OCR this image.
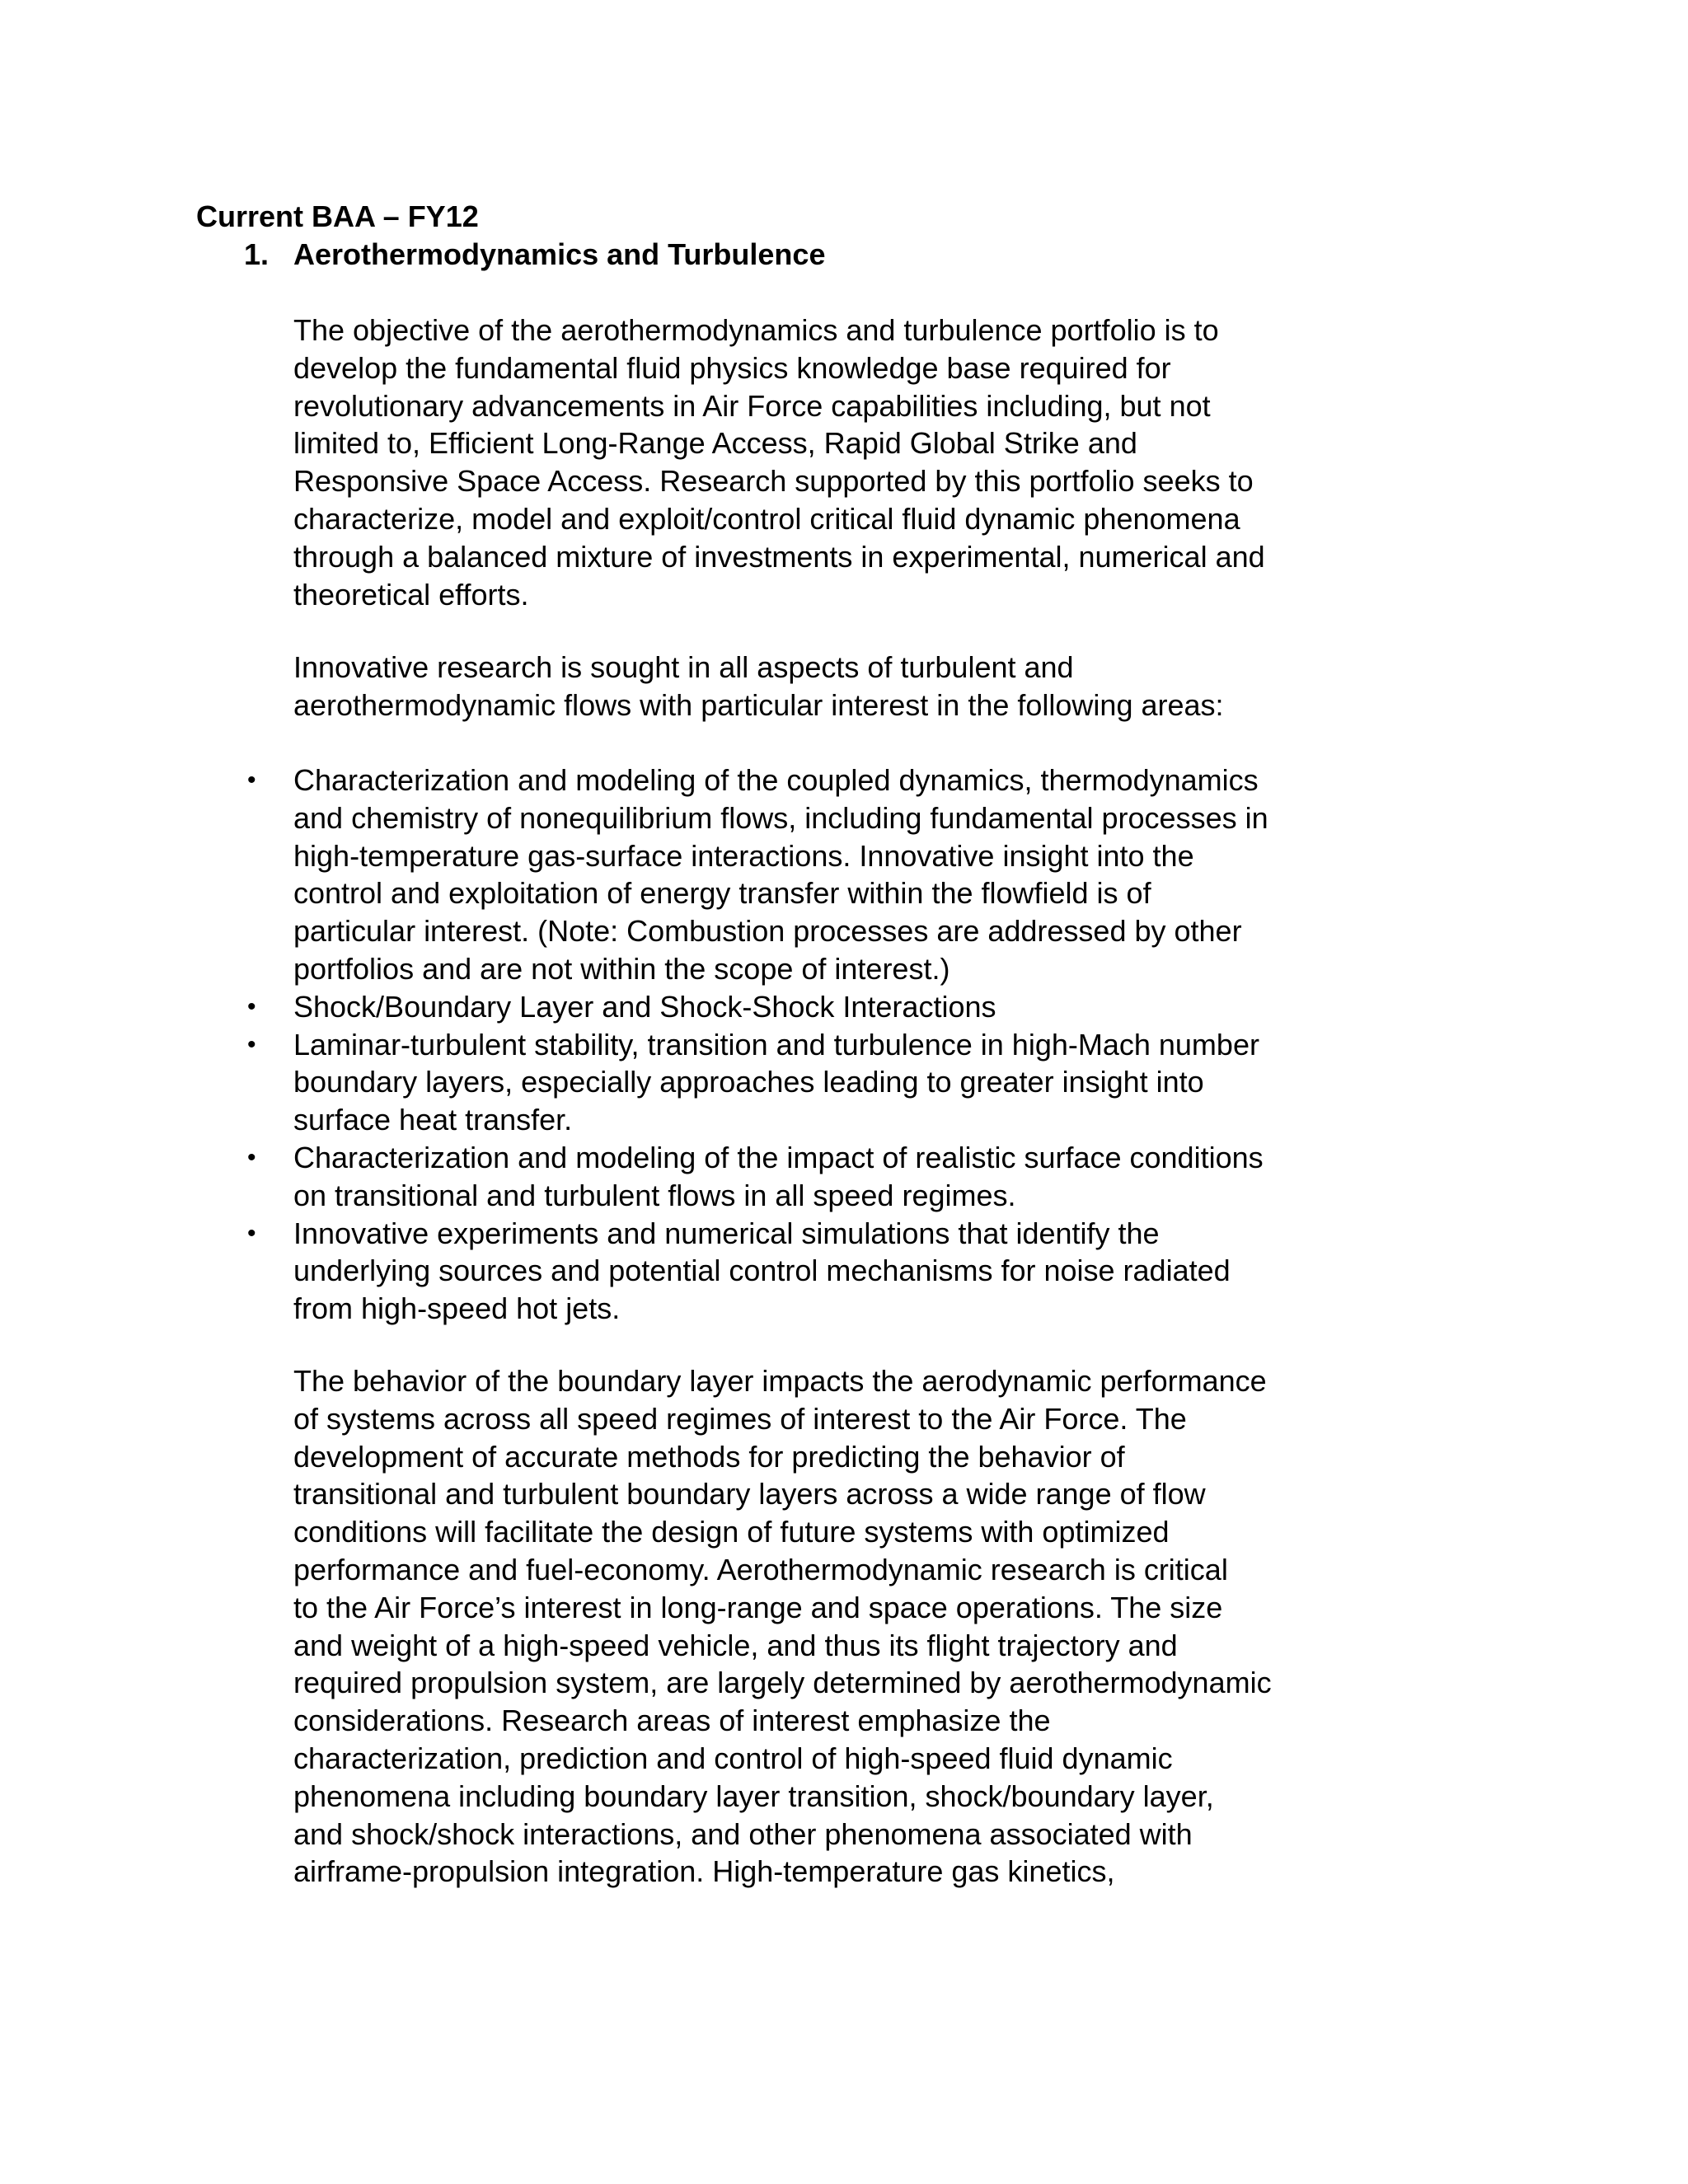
Current BAA – FY12
1. Aerothermodynamics and Turbulence
The objective of the aerothermodynamics and turbulence portfolio is to
develop the fundamental fluid physics knowledge base required for
revolutionary advancements in Air Force capabilities including, but not
limited to, Efficient Long-Range Access, Rapid Global Strike and
Responsive Space Access. Research supported by this portfolio seeks to
characterize, model and exploit/control critical fluid dynamic phenomena
through a balanced mixture of investments in experimental, numerical and
theoretical efforts.
Innovative research is sought in all aspects of turbulent and
aerothermodynamic flows with particular interest in the following areas:
• Characterization and modeling of the coupled dynamics, thermodynamics
and chemistry of nonequilibrium flows, including fundamental processes in
high-temperature gas-surface interactions. Innovative insight into the
control and exploitation of energy transfer within the flowfield is of
particular interest. (Note: Combustion processes are addressed by other
portfolios and are not within the scope of interest.)
• Shock/Boundary Layer and Shock-Shock Interactions
• Laminar-turbulent stability, transition and turbulence in high-Mach number
boundary layers, especially approaches leading to greater insight into
surface heat transfer.
• Characterization and modeling of the impact of realistic surface conditions
on transitional and turbulent flows in all speed regimes.
• Innovative experiments and numerical simulations that identify the
underlying sources and potential control mechanisms for noise radiated
from high-speed hot jets.
The behavior of the boundary layer impacts the aerodynamic performance
of systems across all speed regimes of interest to the Air Force. The
development of accurate methods for predicting the behavior of
transitional and turbulent boundary layers across a wide range of flow
conditions will facilitate the design of future systems with optimized
performance and fuel-economy. Aerothermodynamic research is critical
to the Air Force’s interest in long-range and space operations. The size
and weight of a high-speed vehicle, and thus its flight trajectory and
required propulsion system, are largely determined by aerothermodynamic
considerations. Research areas of interest emphasize the
characterization, prediction and control of high-speed fluid dynamic
phenomena including boundary layer transition, shock/boundary layer,
and shock/shock interactions, and other phenomena associated with
airframe-propulsion integration. High-temperature gas kinetics,
